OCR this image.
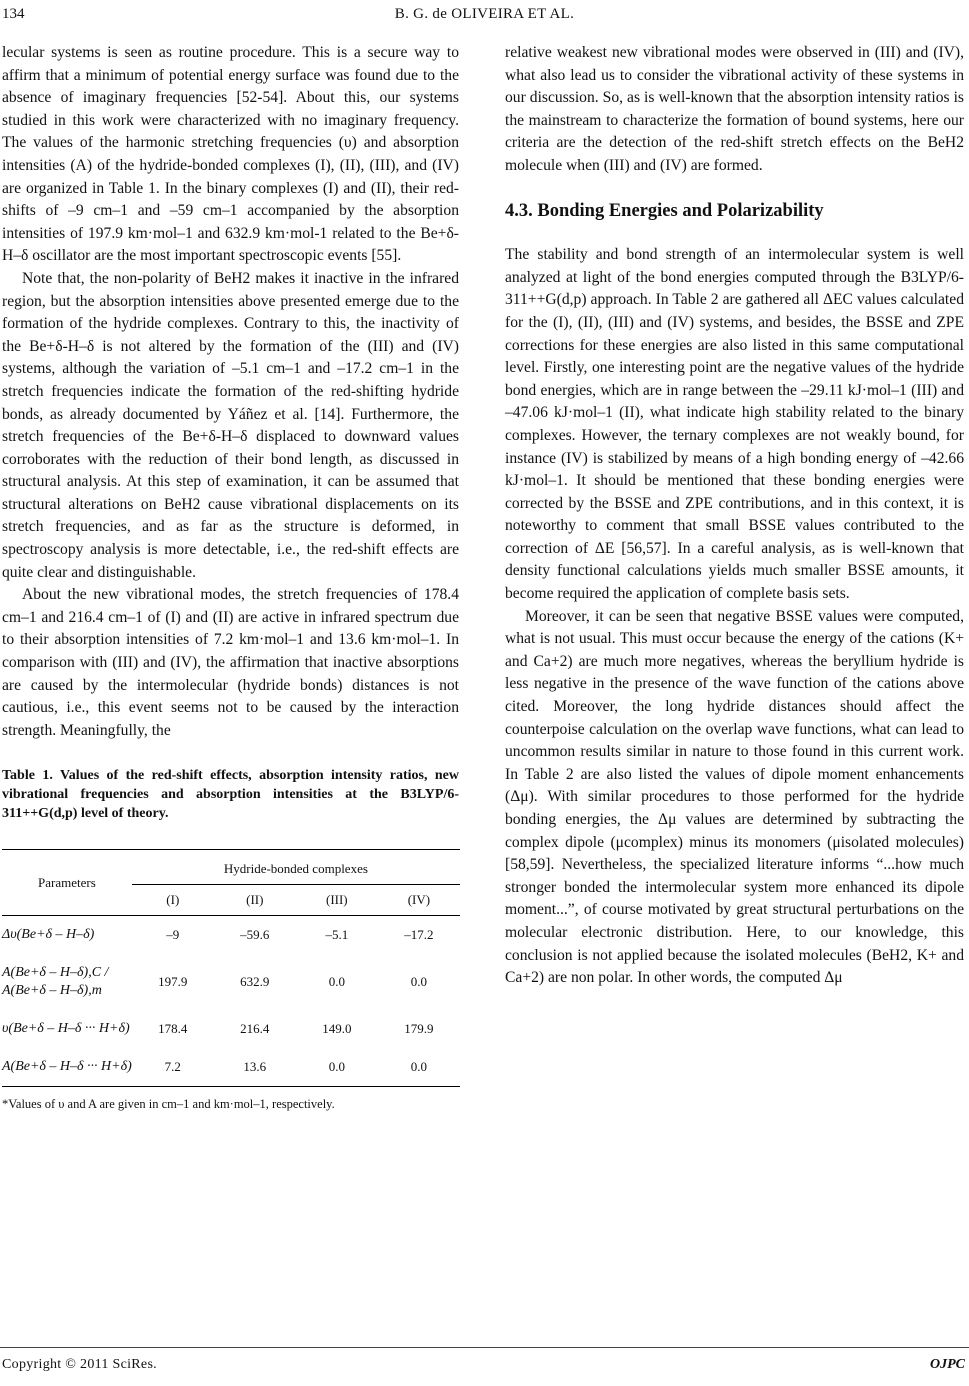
134	B. G. de OLIVEIRA ET AL.

lecular systems is seen as routine procedure. This is a secure way to affirm that a minimum of potential energy surface was found due to the absence of imaginary frequencies [52-54]. About this, our systems studied in this work were characterized with no imaginary frequency. The values of the harmonic stretching frequencies (υ) and absorption intensities (A) of the hydride-bonded complexes (I), (II), (III), and (IV) are organized in Table 1. In the binary complexes (I) and (II), their red-shifts of –9 cm–1 and –59 cm–1 accompanied by the absorption intensities of 197.9 km·mol–1 and 632.9 km·mol-1 related to the Be+δ-H–δ oscillator are the most important spectroscopic events [55].

Note that, the non-polarity of BeH2 makes it inactive in the infrared region, but the absorption intensities above presented emerge due to the formation of the hydride complexes. Contrary to this, the inactivity of the Be+δ-H–δ is not altered by the formation of the (III) and (IV) systems, although the variation of –5.1 cm–1 and –17.2 cm–1 in the stretch frequencies indicate the formation of the red-shifting hydride bonds, as already documented by Yáñez et al. [14]. Furthermore, the stretch frequencies of the Be+δ-H–δ displaced to downward values corroborates with the reduction of their bond length, as discussed in structural analysis. At this step of examination, it can be assumed that structural alterations on BeH2 cause vibrational displacements on its stretch frequencies, and as far as the structure is deformed, in spectroscopy analysis is more detectable, i.e., the red-shift effects are quite clear and distinguishable.

About the new vibrational modes, the stretch frequencies of 178.4 cm–1 and 216.4 cm–1 of (I) and (II) are active in infrared spectrum due to their absorption intensities of 7.2 km·mol–1 and 13.6 km·mol–1. In comparison with (III) and (IV), the affirmation that inactive absorptions are caused by the intermolecular (hydride bonds) distances is not cautious, i.e., this event seems not to be caused by the interaction strength. Meaningfully, the

Table 1. Values of the red-shift effects, absorption intensity ratios, new vibrational frequencies and absorption intensities at the B3LYP/6-311++G(d,p) level of theory.
Parameters	Hydride-bonded complexes			
	(I)	(II)	(III)	(IV)
Δυ(Be+δ – H–δ)	–9	–59.6	–5.1	–17.2
A(Be+δ – H–δ),C / A(Be+δ – H–δ),m	197.9	632.9	0.0	0.0
υ(Be+δ – H–δ ··· H+δ)	178.4	216.4	149.0	179.9
A(Be+δ – H–δ ··· H+δ)	7.2	13.6	0.0	0.0
*Values of υ and A are given in cm–1 and km·mol–1, respectively.

relative weakest new vibrational modes were observed in (III) and (IV), what also lead us to consider the vibrational activity of these systems in our discussion. So, as is well-known that the absorption intensity ratios is the mainstream to characterize the formation of bound systems, here our criteria are the detection of the red-shift stretch effects on the BeH2 molecule when (III) and (IV) are formed.

4.3. Bonding Energies and Polarizability

The stability and bond strength of an intermolecular system is well analyzed at light of the bond energies computed through the B3LYP/6-311++G(d,p) approach. In Table 2 are gathered all ΔEC values calculated for the (I), (II), (III) and (IV) systems, and besides, the BSSE and ZPE corrections for these energies are also listed in this same computational level. Firstly, one interesting point are the negative values of the hydride bond energies, which are in range between the –29.11 kJ·mol–1 (III) and –47.06 kJ·mol–1 (II), what indicate high stability related to the binary complexes. However, the ternary complexes are not weakly bound, for instance (IV) is stabilized by means of a high bonding energy of –42.66 kJ·mol–1. It should be mentioned that these bonding energies were corrected by the BSSE and ZPE contributions, and in this context, it is noteworthy to comment that small BSSE values contributed to the correction of ΔE [56,57]. In a careful analysis, as is well-known that density functional calculations yields much smaller BSSE amounts, it become required the application of complete basis sets.

Moreover, it can be seen that negative BSSE values were computed, what is not usual. This must occur because the energy of the cations (K+ and Ca+2) are much more negatives, whereas the beryllium hydride is less negative in the presence of the wave function of the cations above cited. Moreover, the long hydride distances should affect the counterpoise calculation on the overlap wave functions, what can lead to uncommon results similar in nature to those found in this current work. In Table 2 are also listed the values of dipole moment enhancements (Δμ). With similar procedures to those performed for the hydride bonding energies, the Δμ values are determined by subtracting the complex dipole (μcomplex) minus its monomers (μisolated molecules) [58,59]. Nevertheless, the specialized literature informs “...how much stronger bonded the intermolecular system more enhanced its dipole moment...”, of course motivated by great structural perturbations on the molecular electronic distribution. Here, to our knowledge, this conclusion is not applied because the isolated molecules (BeH2, K+ and Ca+2) are non polar. In other words, the computed Δμ

Copyright © 2011 SciRes.	OJPC
